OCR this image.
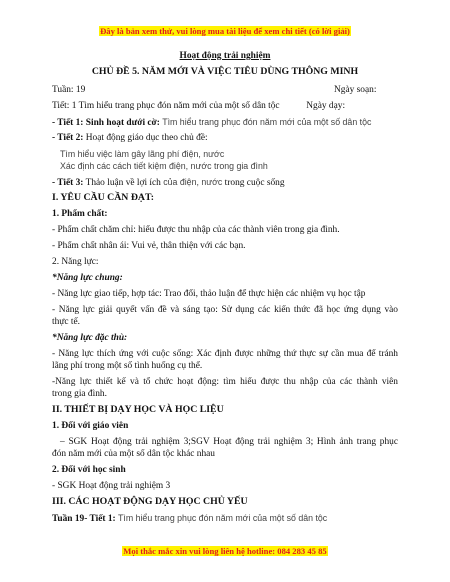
Đây là bản xem thử, vui lòng mua tài liệu để xem chi tiết (có lời giải)
Hoạt động trải nghiệm
CHỦ ĐỀ 5. NĂM MỚI VÀ VIỆC TIÊU DÙNG THÔNG MINH
Tuần: 19	Ngày soạn:
Tiết: 1 Tìm hiểu trang phục đón năm mới của một số dân tộc	Ngày dạy:
- Tiết 1: Sinh hoạt dưới cờ: Tìm hiểu trang phục đón năm mới của một số dân tộc
- Tiết 2: Hoạt động giáo dục theo chủ đề:
Tìm hiểu việc làm gây lãng phí điện, nước
Xác định các cách tiết kiệm điện, nước trong gia đình
- Tiết 3: Thảo luận về lợi ích của điện, nước trong cuộc sống
I. YÊU CẦU CẦN ĐẠT:
1. Phẩm chất:
- Phẩm chất chăm chỉ: hiểu được thu nhập của các thành viên trong gia đình.
- Phẩm chất nhân ái: Vui vẻ, thân thiện với các bạn.
2. Năng lực:
*Năng lực chung:
- Năng lực giao tiếp, hợp tác: Trao đổi, thảo luận để thực hiện các nhiệm vụ học tập
- Năng lực giải quyết vấn đề và sáng tạo: Sử dụng các kiến thức đã học ứng dụng vào
thực tế.
*Năng lực đặc thù:
- Năng lực thích ứng với cuộc sống: Xác định được những thứ thực sự cần mua để tránh
lãng phí trong một số tình huống cụ thể.
-Năng lực thiết kế và tổ chức hoạt động: tìm hiểu được thu nhập của các thành viên
trong gia đình.
II. THIẾT BỊ DẠY HỌC VÀ HỌC LIỆU
1. Đối với giáo viên
– SGK Hoạt động trải nghiệm 3;SGV Hoạt động trải nghiệm 3; Hình ảnh trang phục
đón năm mới của một số dân tộc khác nhau
2. Đối với học sinh
- SGK Hoạt động trải nghiệm 3
III. CÁC HOẠT ĐỘNG DẠY HỌC CHỦ YẾU
Tuần 19- Tiết 1: Tìm hiểu trang phục đón năm mới của một số dân tộc
Mọi thắc mắc xin vui lòng liên hệ hotline: 084 283 45 85
